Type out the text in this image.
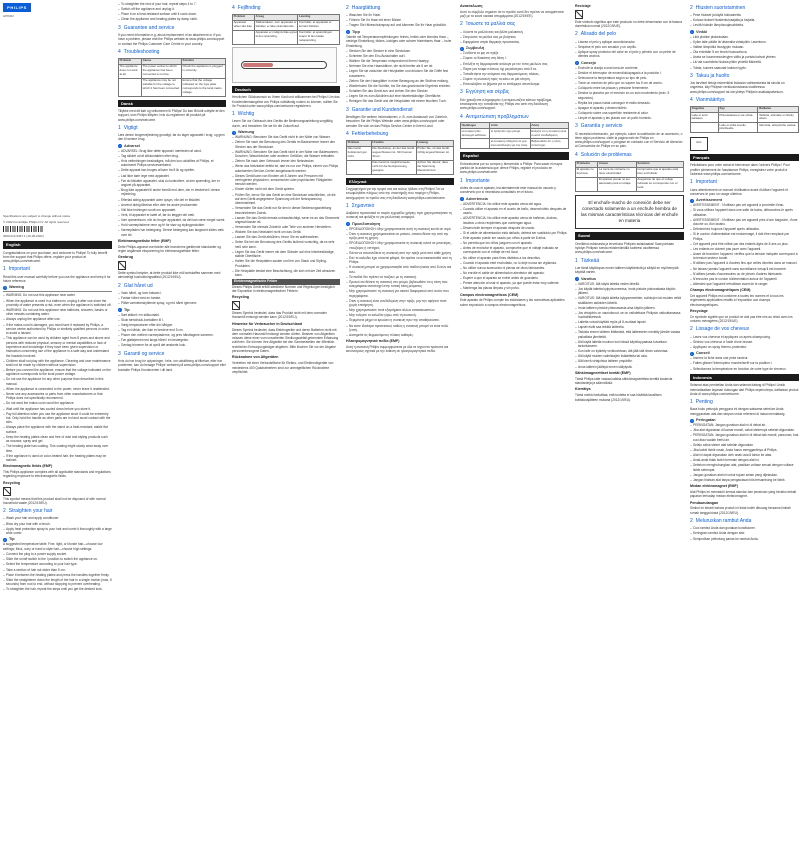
PHILIPS
HP8302
Specifications are subject to change without notice
© 2022 Koninklijke Philips N.V. All rights reserved.
3000.012.6467.1 (16-06-2022)
English

Congratulations on your purchase, and welcome to Philips! To fully benefit from the support that Philips offers, register your product at www.philips.com/welcome.

1 Important

Read this user manual carefully before you use the appliance and keep it for future reference.

! Warning
– WARNING: Do not use this appliance near water.
– When the appliance is used in a bathroom, unplug it after use since the proximity of water presents a risk, even when the appliance is switched off.
– WARNING: Do not use this appliance near bathtubs, showers, basins or other vessels containing water.
– Always unplug the appliance after use.
– If the mains cord is damaged, you must have it replaced by Philips, a service centre authorised by Philips or similarly qualified persons in order to avoid a hazard.
– This appliance can be used by children aged from 8 years and above and persons with reduced physical, sensory or mental capabilities or lack of experience and knowledge if they have been given supervision or instruction concerning use of the appliance in a safe way and understand the hazards involved.
– Children shall not play with the appliance. Cleaning and user maintenance shall not be made by children without supervision.
– Before you connect the appliance, ensure that the voltage indicated on the appliance corresponds to the local power voltage.
– Do not use the appliance for any other purpose than described in this manual.
– When the appliance is connected to the power, never leave it unattended.
– Never use any accessories or parts from other manufacturers or that Philips does not specifically recommend.
– Do not wind the mains cord round the appliance.
– Wait until the appliance has cooled down before you store it.
– Pay full attention when you use the appliance since it could be extremely hot. Only hold the handle as other parts are hot and avoid contact with the skin.
– Always place the appliance with the stand on a heat-resistant, stable flat surface.
– Keep the heating plates clean and free of dust and styling products such as mousse, spray and gel.
– The heating plate has coating. This coating might slowly wear away over time.
– If the appliance is used on color-treated hair, the heating plates may be stained.
Electromagnetic fields (EMF)

This Philips appliance complies with all applicable standards and regulations regarding exposure to electromagnetic fields.

Recycling

This symbol means that this product shall not be disposed of with normal household waste (2012/19/EU).

2 Straighten your hair
– Wash your hair and apply conditioner.
– Blow dry your hair with a brush.
– Apply heat protection spray to your hair and comb it thoroughly with a large wide comb.
i Tip

A suggested temperature table: Fine, light, or blonde hair—choose low settings; thick, curly or hard to style hair—choose high settings.

– Connect the plug to a power supply socket.
– Slide the on/off switch to the I position to switch the appliance on.
– Select the temperature according to your hair type.
– Take a section of hair not wider than 5 cm.
– Place it between the heating plates and press the handles together firmly.
– Slide the straightener down the length of the hair in a single motion (max. 5 seconds) from root to end, without stopping to prevent overheating.
– To straighten the hair, repeat the steps until you get the desired look.
– To straighten the rest of your hair, repeat steps 4 to 7.
– Switch off the appliance and unplug it.
– Place it on a heat-resistant surface until it cools down.
– Clean the appliance and heating plates by damp cloth.
3 Guarantee and service

If you need information e.g. about replacement of an attachment or if you have a problem, please visit the Philips website at www.philips.com/support or contact the Philips Customer Care Centre in your country.

4 Troubleshooting
Problem	Cause	Solution
The appliance does not work at all.	The power socket to which the appliance has been connected is not live.	Check the appliance is plugged in correctly.
	The appliance may be not suitable for the voltage to which it has been connected.	Ensure that the voltage indicated on the type plate corresponds to the local mains voltage.
Dansk

Tillykke med dit køb og velkommen til Philips! Du kan få fuldt udbytte af den support, som Philips tilbyder, hvis du registrerer dit produkt på www.philips.com/welcome.

1 Vigtigt

Læs denne brugervejledning grundigt, før du tager apparatet i brug, og gem den til senere brug.

! Advarsel
– ADVARSEL: Brug ikke dette apparat i nærheden af vand.
– Tag stikket ud af stikkontakten efter brug.
– Hvis netledningen beskadiges, må den kun udskiftes af Philips, et autoriseret Philips-serviceværksted.
– Dette apparat kan bruges af børn fra 8 år og opefter.
– Lad ikke børn lege med apparatet.
– Før du tilslutter apparatet, skal du kontrollere, at den spænding, der er angivet på apparatet.
– Brug ikke apparatet til andre formål end dem, der er beskrevet i denne vejledning.
– Efterlad aldrig apparatet uden opsyn, når det er tilsluttet.
– Anvend aldrig tilbehør eller dele fra andre producenter.
– Vikl ikke ledningen rundt om apparatet.
– Vent, til apparatet er kølet af, før du lægger det væk.
– Vær opmærksom, når du bruger apparatet, da det kan være meget varmt.
– Hold varmepladerne rene og fri for støv og stylingprodukter.
– Varmepladen har belægning. Denne belægning kan langsomt slides væk over tid.
Elektromagnetiske felter (EMF)

Dette Philips-apparat overholder alle branchens gældende standarder og regler angående eksponering for elektromagnetiske felter.

Genbrug

Dette symbol betyder, at dette produkt ikke må bortskaffes sammen med almindeligt husholdningsaffald (2012/19/EU).

2 Glat håret ud
– Vask håret, og kom balsam i.
– Føntør håret med en børste.
– Påfør varmebeskyttende spray, og red håret igennem.
i Tip
– Sæt stikket i en stikkontakt.
– Skub tænd/sluk-kontakten til I.
– Vælg temperaturen efter din hårtype.
– Tag en hårlok, der ikke er bredere end 5 cm.
– Placer den mellem varmepladerne, og pres håndtagene sammen.
– Før glattejernet ned langs håret i én bevægelse.
– Gentag trinnene for at opnå det ønskede look.
3 Garanti og service

Hvis du har brug for oplysninger, f.eks. om udskiftning af tilbehør, eller har problemer, kan du besøge Philips' websted på www.philips.com/support eller kontakte Philips Kundecenter i dit land.

4 Fejlfinding
Problem	Årsag	Løsning
Apparatet virker slet ikke.	Stikkontakten, som apparatet er tilsluttet, er ikke strømførende.	Kontrollér, at apparatet er korrekt tilsluttet.
	Apparatet er muligvis ikke egnet til den spænding.	Kontrollér, at spændingen svarer til den lokale netspænding.
Deutsch

Herzlichen Glückwunsch zu Ihrem Kauf und willkommen bei Philips! Um das Kundendienstangebot von Philips vollständig nutzen zu können, sollten Sie Ihr Produkt unter www.philips.com/welcome registrieren.

1 Wichtig

Lesen Sie vor Gebrauch des Geräts die Bedienungsanleitung sorgfältig durch, und bewahren Sie sie für die Zukunft auf.

! Warnung
– WARNUNG: Benutzen Sie das Gerät nicht in der Nähe von Wasser.
– Ziehen Sie nach der Benutzung des Geräts im Badezimmer immer den Stecker aus der Steckdose.
– WARNUNG: Benutzen Sie das Gerät nicht in der Nähe von Badewannen, Duschen, Waschbecken oder anderen Gefäßen, die Wasser enthalten.
– Ziehen Sie nach dem Gebrauch immer den Netzstecker.
– Wenn das Netzkabel defekt ist, darf es nur von Philips, einem von Philips autorisierten Service-Center ausgetauscht werden.
– Dieses Gerät kann von Kindern ab 8 Jahren und Personen mit verringerten physischen, sensorischen oder psychischen Fähigkeiten benutzt werden.
– Kinder dürfen nicht mit dem Gerät spielen.
– Prüfen Sie, bevor Sie das Gerät an eine Steckdose anschließen, ob die auf dem Gerät angegebene Spannung mit der Netzspannung übereinstimmt.
– Verwenden Sie das Gerät nur für den in dieser Bedienungsanleitung beschriebenen Zweck.
– Lassen Sie das Gerät niemals unbeaufsichtigt, wenn es an das Stromnetz angeschlossen ist.
– Verwenden Sie niemals Zubehör oder Teile von anderen Herstellern.
– Wickeln Sie das Netzkabel nicht um das Gerät.
– Lassen Sie das Gerät abkühlen, bevor Sie es aufbewahren.
– Seien Sie bei der Benutzung des Geräts äußerst vorsichtig, da es sehr heiß sein kann.
– Legen Sie das Gerät immer mit dem Ständer auf eine hitzebeständige, stabile Oberfläche.
– Halten Sie die Heizplatten sauber und frei von Staub und Styling-Produkten.
– Die Heizplatte besitzt eine Beschichtung, die sich mit der Zeit abnutzen kann.
Elektromagnetische Felder

Dieses Philips Gerät erfüllt sämtliche Normen und Regelungen bezüglich der Exposition in elektromagnetischen Feldern.

Recycling

Dieses Symbol bedeutet, dass das Produkt nicht mit dem normalen Hausmüll entsorgt werden kann (2012/19/EU).

Hinweise für Verbraucher in Deutschland

Dieses Symbol bedeutet, dass Elektrogeräte und deren Batterien nicht mit dem normalen Hausmüll entsorgt werden dürfen. Besitzer von Altgeräten müssen diese einer vom unsortierten Siedlungsabfall getrennten Erfassung zuführen. Sie können Ihre Altgeräte bei den Sammelstellen der öffentlich-rechtlichen Entsorgungsträger abgeben. Bitte löschen Sie vor der Abgabe personenbezogene Daten.

Rücknahme von Altgeräten

Vertreiber mit einer Verkaufsfläche für Elektro- und Elektronikgeräte von mindestens 400 Quadratmetern sind zur unentgeltlichen Rücknahme verpflichtet.

2 Haarglättung
– Waschen Sie Ihr Haar.
– Föhnen Sie Ihr Haar mit einer Bürste.
– Tragen Sie Hitzeschutzspray auf und kämmen Sie Ihr Haar gründlich.
i Tipp

Tabelle mit Temperaturempfehlungen: feines, helles oder blondes Haar – niedrige Einstellung; dickes, lockiges oder schwer frisierbares Haar – hohe Einstellung.

– Stecken Sie den Stecker in eine Steckdose.
– Schieben Sie den Ein-/Ausschalter auf I.
– Wählen Sie die Temperatur entsprechend Ihrem Haartyp.
– Nehmen Sie eine Haarsträhne, die nicht breiter als 5 cm ist.
– Legen Sie sie zwischen die Heizplatten und drücken Sie die Griffe fest zusammen.
– Ziehen Sie den Haarglätter in einer Bewegung an der Strähne entlang.
– Wiederholen Sie die Schritte, bis Sie das gewünschte Ergebnis erzielen.
– Schalten Sie das Gerät aus und ziehen Sie den Stecker.
– Legen Sie es zum Abkühlen auf eine hitzebeständige Oberfläche.
– Reinigen Sie das Gerät und die Heizplatten mit einem feuchten Tuch.
3 Garantie und Kundendienst

Benötigen Sie weitere Informationen, z. B. zum Austausch von Zubehör, besuchen Sie die Philips Website unter www.philips.com/support oder wenden Sie sich an das Philips Service-Center in Ihrem Land.

4 Fehlerbehebung
Problem	Ursache	Lösung
Das Gerät funktioniert gar nicht.	Die Steckdose, an der das Gerät angeschlossen ist, führt keinen Strom.	Prüfen Sie, ob das Gerät richtig angeschlossen ist.
	Das Gerät ist möglicherweise nicht für die Netzspannung geeignet.	Achten Sie darauf, dass die Spannung übereinstimmt.
Ελληνικά

Συγχαρητήρια για την αγορά σας και καλώς ήλθατε στη Philips! Για να επωφεληθείτε πλήρως από την υποστήριξη που παρέχει η Philips, καταχωρήστε το προϊόν σας στη διεύθυνση www.philips.com/welcome.

1 Σημαντικό

Διαβάστε προσεκτικά το παρόν εγχειρίδιο χρήσης πριν χρησιμοποιήσετε τη συσκευή και φυλάξτε το για μελλοντική αναφορά.

! Προειδοποίηση
– ΠΡΟΕΙΔΟΠΟΙΗΣΗ: Μην χρησιμοποιείτε αυτή τη συσκευή κοντά σε νερό.
– Όταν η συσκευή χρησιμοποιείται σε μπάνιο, αποσυνδέστε την από την πρίζα μετά τη χρήση.
– ΠΡΟΕΙΔΟΠΟΙΗΣΗ: Μην χρησιμοποιείτε τη συσκευή κοντά σε μπανιέρες, ντουζιέρες ή νιπτήρες.
– Πάντα να αποσυνδέετε τη συσκευή από την πρίζα μετά από κάθε χρήση.
– Εάν το καλώδιο έχει υποστεί φθορά, θα πρέπει να αντικατασταθεί από τη Philips.
– Η συσκευή μπορεί να χρησιμοποιηθεί από παιδιά ηλικίας από 8 ετών και άνω.
– Τα παιδιά δεν πρέπει να παίζουν με τη συσκευή.
– Προτού συνδέσετε τη συσκευή στο ρεύμα, βεβαιωθείτε ότι η τάση που αναγράφεται αντιστοιχεί στην τοπική τάση ρεύματος.
– Μην χρησιμοποιείτε τη συσκευή για σκοπό διαφορετικό από αυτόν που περιγράφεται.
– Όταν η συσκευή είναι συνδεδεμένη στην πρίζα, μην την αφήνετε ποτέ χωρίς επιτήρηση.
– Μην χρησιμοποιείτε ποτέ εξαρτήματα άλλων κατασκευαστών.
– Μην τυλίγετε το καλώδιο γύρω από τη συσκευή.
– Περιμένετε μέχρι να κρυώσει η συσκευή πριν την αποθηκεύσετε.
– Να είστε ιδιαίτερα προσεκτικοί, καθώς η συσκευή μπορεί να είναι πολύ ζεστή.
– Διατηρείτε τις θερμαινόμενες πλάκες καθαρές.
Ηλεκτρομαγνητικά πεδία (EMF)

Αυτή η συσκευή Philips συμμορφώνεται με όλα τα ισχύοντα πρότυπα και κανονισμούς σχετικά με την έκθεση σε ηλεκτρομαγνητικά πεδία.

Ανακύκλωση

Αυτό το σύμβολο σημαίνει ότι το προϊόν αυτό δεν πρέπει να απορρίπτεται μαζί με τα κοινά οικιακά απορρίμματα (2012/19/ΕΕ).

2 Ίσιωστε τα μαλλιά σας
– Λούστε τα μαλλιά σας και βάλτε μαλακτική.
– Στεγνώστε τα μαλλιά σας με βούρτσα.
– Εφαρμόστε σπρέι θερμικής προστασίας.
i Συμβουλή
– Συνδέστε το φις σε πρίζα.
– Σύρετε το διακόπτη στη θέση I.
– Επιλέξτε τη θερμοκρασία ανάλογα με τον τύπο μαλλιών σας.
– Πάρτε μια τούφα πλάτους όχι μεγαλύτερου από 5 εκ.
– Τοποθετήστε την ανάμεσα στις θερμαινόμενες πλάκες.
– Σύρετε τη συσκευή προς τα κάτω σε μία κίνηση.
– Επαναλάβετε τα βήματα για το επιθυμητό αποτέλεσμα.
3 Εγγύηση και σέρβις

Εάν χρειάζεστε πληροφορίες ή αντιμετωπίζετε κάποιο πρόβλημα, επισκεφτείτε την τοποθεσία της Philips στο web στη διεύθυνση www.philips.com/support.

4 Αντιμετώπιση προβλημάτων
Πρόβλημα	Αιτία	Λύση
Η συσκευή δεν λειτουργεί καθόλου.	Η πρίζα δεν έχει ρεύμα.	Ελέγξτε ότι η συσκευή είναι σωστά συνδεδεμένη.
	Η συσκευή ενδέχεται να μην είναι κατάλληλη για την τάση.	Βεβαιωθείτε ότι η τάση αντιστοιχεί.
Español

Enhorabuena por su compra y bienvenido a Philips. Para sacar el mayor partido de la asistencia que ofrece Philips, registre el producto en www.philips.com/welcome.

1 Importante

Antes de usar el aparato, lea atentamente este manual de usuario y consérvelo por si necesitara consultarlo en el futuro.

! Advertencia
– ADVERTENCIA: No utilice este aparato cerca del agua.
– Cuando utilice el aparato en el cuarto de baño, desenchúfelo después de usarlo.
– ADVERTENCIA: No utilice este aparato cerca de bañeras, duchas, lavabos u otros recipientes que contengan agua.
– Desenchufe siempre el aparato después de usarlo.
– Si el cable de alimentación está dañado, deberá ser sustituido por Philips.
– Este aparato puede ser usado por niños a partir de 8 años.
– No permita que los niños jueguen con el aparato.
– Antes de enchufar el aparato, compruebe que el voltaje indicado se corresponde con el voltaje de red local.
– No utilice el aparato para fines distintos a los descritos.
– Cuando el aparato esté enchufado, no lo deje nunca sin vigilancia.
– No utilice nunca accesorios ni piezas de otros fabricantes.
– No enrolle el cable de alimentación alrededor del aparato.
– Espere a que el aparato se enfríe antes de guardarlo.
– Preste atención al usar el aparato, ya que puede estar muy caliente.
– Mantenga las placas limpias y sin polvo.
Campos electromagnéticos (CEM)

Este aparato de Philips cumple los estándares y las normativas aplicables sobre exposición a campos electromagnéticos.

Reciclaje

Este símbolo significa que este producto no debe desecharse con la basura doméstica normal (2012/19/UE).

2 Alisado del pelo
– Lávese el pelo y aplique acondicionador.
– Séquese el pelo con secador y un cepillo.
– Aplique spray protector del calor en el pelo y péinelo con un peine de dientes anchos.
i Consejo
– Enchufe la clavija a una toma de corriente.
– Deslice el interruptor de encendido/apagado a la posición I.
– Seleccione la temperatura según su tipo de pelo.
– Tome un mechón de pelo que no supere los 5 cm de ancho.
– Colóquelo entre las placas y presione firmemente.
– Deslice la plancha por el mechón en un solo movimiento (máx. 5 segundos).
– Repita los pasos hasta conseguir el estilo deseado.
– Apague el aparato y desenchúfelo.
– Colóquelo sobre una superficie resistente al calor.
– Limpie el aparato y las placas con un paño húmedo.
3 Garantía y servicio

Si necesita información, por ejemplo, sobre la sustitución de un accesorio, o tiene algún problema, visite la página web de Philips en www.philips.com/support o póngase en contacto con el Servicio de Atención al Consumidor de Philips en su país.

4 Solución de problemas
Problema	Causa	Solución
El aparato no funciona.	La toma de corriente no tiene electricidad.	Compruebe que el aparato está bien enchufado.
	El aparato puede no ser adecuado para el voltaje.	Asegúrese de que el voltaje indicado se corresponde con el local.
El enchufe-macho de conexión debe ser conectado solamente a un enchufe hembra de las mismas características técnicas del enchufe en materia
Suomi

Onnittelut ostoksesta ja tervetuloa Philipsin asiakkaaksi! Saat parhaan hyödyn Philipsin tuesta rekisteröimällä tuotteesi osoitteessa www.philips.com/welcome.

1 Tärkeää

Lue tämä käyttöopas ennen laitteen käyttämistä ja säilytä se myöhempää käyttöä varten.

! Varoitus
– VAROITUS: Älä käytä laitetta veden lähellä.
– Jos käytät laitetta kylpyhuoneessa, irrota pistoke pistorasiasta käytön jälkeen.
– VAROITUS: Älä käytä laitetta kylpyammeiden, suihkujen tai muiden vettä sisältävien astioiden lähellä.
– Irrota laitteen pistoke pistorasiasta aina käytön jälkeen.
– Jos virtajohto on vaurioitunut, se on vaihdettava Philipsin valtuuttamassa huoltoliikkeessä.
– Laitetta voivat käyttää myös yli 8-vuotiaat lapset.
– Lapset eivät saa leikkiä laitteella.
– Tarkista ennen laitteen liittämistä, että laitteeseen merkitty jännite vastaa paikallista jännitettä.
– Älä käytä laitetta muuhun kuin tässä käyttöoppaassa kuvattuun tarkoitukseen.
– Kun laite on kytketty verkkovirtaan, älä jätä sitä ilman valvontaa.
– Älä käytä muiden valmistajien lisälaitteita tai osia.
– Älä kierrä virtajohtoa laitteen ympärille.
– Anna laitteen jäähtyä ennen säilytystä.
Sähkömagneettiset kentät (EMF)

Tämä Philips-laite vastaa kaikkia sähkömagneettisia kenttiä koskevia standardeja ja säännöksiä.

Kierrätys

Tämä merkki tarkoittaa, että tuotetta ei saa hävittää tavallisen kotitalousjätteen mukana (2012/19/EU).

2 Hiusten suoristaminen
– Pese hiukset ja käytä hoitoainetta.
– Kuivaa hiukset hiustenkuivaajalla ja harjalla.
– Levitä hiuksiin lämpösuojasuihketta.
i Vinkki
– Liitä pistoke pistorasiaan.
– Kytke laite päälle liu'uttamalla virtakytkin I-asentoon.
– Valitse lämpötila hiustyypin mukaan.
– Ota enintään 5 cm leveä hiussuortuva.
– Aseta se kuumennuslevyjen väliin ja purista kahvat yhteen.
– Liu'uta suoristinta hiuksia pitkin yhdellä liikkeellä.
– Toista, kunnes saavutat halutun tyylin.
3 Takuu ja huolto

Jos tarvitset tietoja esimerkiksi lisäosan vaihtamisesta tai sinulla on ongelmia, käy Philipsin verkkosivustossa osoitteessa www.philips.com/support tai ota yhteys Philipsin asiakaspalveluun.

4 Vianmääritys
Ongelma	Syy	Ratkaisu
Laite ei toimi lainkaan.	Pistorasiassa ei ole virtaa.	Tarkista, että laite on liitetty oikein.
	Laite ei ehkä sovellu jännitteelle.	Varmista, että jännite vastaa.
EAC
Français

Félicitations pour votre achat et bienvenue dans l'univers Philips ! Pour profiter pleinement de l'assistance Philips, enregistrez votre produit à l'adresse www.philips.com/welcome.

1 Important

Lisez attentivement ce manuel d'utilisation avant d'utiliser l'appareil et conservez-le pour un usage ultérieur.

! Avertissement
– AVERTISSEMENT : N'utilisez pas cet appareil à proximité d'eau.
– Si vous utilisez l'appareil dans une salle de bains, débranchez-le après utilisation.
– AVERTISSEMENT : N'utilisez pas cet appareil près d'une baignoire, d'une douche ou d'un lavabo.
– Débranchez toujours l'appareil après utilisation.
– Si le cordon d'alimentation est endommagé, il doit être remplacé par Philips.
– Cet appareil peut être utilisé par des enfants âgés de 8 ans ou plus.
– Les enfants ne doivent pas jouer avec l'appareil.
– Avant de brancher l'appareil, vérifiez que la tension indiquée correspond à la tension secteur locale.
– N'utilisez pas l'appareil à d'autres fins que celles décrites dans ce manuel.
– Ne laissez jamais l'appareil sans surveillance lorsqu'il est branché.
– N'utilisez jamais d'accessoires ou de pièces d'autres fabricants.
– N'enroulez pas le cordon d'alimentation autour de l'appareil.
– Attendez que l'appareil refroidisse avant de le ranger.
Champs électromagnétiques (CEM)

Cet appareil Philips est conforme à toutes les normes et à tous les règlements applicables relatifs à l'exposition aux champs électromagnétiques.

Recyclage

Ce symbole signifie que ce produit ne doit pas être mis au rebut avec les ordures ménagères (2012/19/UE).

2 Lissage de vos cheveux
– Lavez vos cheveux et appliquez un après-shampooing.
– Séchez vos cheveux à l'aide d'une brosse.
– Appliquez un spray thermo-protecteur.
i Conseil
– Insérez la fiche dans une prise secteur.
– Faites glisser l'interrupteur marche/arrêt sur la position I.
– Sélectionnez la température en fonction de votre type de cheveux.
Indonesia

Selamat atas pembelian Anda dan selamat datang di Philips! Untuk memanfaatkan layanan dukungan dari Philips sepenuhnya, daftarkan produk Anda di www.philips.com/welcome.

1 Penting

Baca buku petunjuk pengguna ini dengan saksama sebelum Anda menggunakan alat dan simpan untuk referensi di masa mendatang.

! Peringatan
– PERINGATAN: Jangan gunakan alat ini di dekat air.
– Jika alat digunakan di kamar mandi, cabut stekernya setelah digunakan.
– PERINGATAN: Jangan gunakan alat ini di dekat bak mandi, pancuran, bak cuci atau wadah berisi air.
– Selalu cabut steker alat setelah digunakan.
– Jika kabel listrik rusak, Anda harus menggantinya di Philips.
– Alat ini dapat digunakan oleh anak usia 8 tahun ke atas.
– Anak-anak tidak boleh bermain dengan alat ini.
– Sebelum menghubungkan alat, pastikan voltase sesuai dengan voltase listrik setempat.
– Jangan gunakan alat ini untuk tujuan selain yang dijelaskan.
– Jangan biarkan alat tanpa pengawasan bila tersambung ke listrik.
Medan elektromagnet (EMF)

Alat Philips ini mematuhi semua standar dan peraturan yang berlaku terkait paparan terhadap medan elektromagnet.

Pendaurulangan

Simbol ini berarti bahwa produk ini tidak boleh dibuang bersama limbah rumah tangga biasa (2012/19/EU).

2 Meluruskan rambut Anda
– Cuci rambut Anda dan gunakan kondisioner.
– Keringkan rambut Anda dengan sisir.
– Semprotkan pelindung panas ke rambut Anda.
